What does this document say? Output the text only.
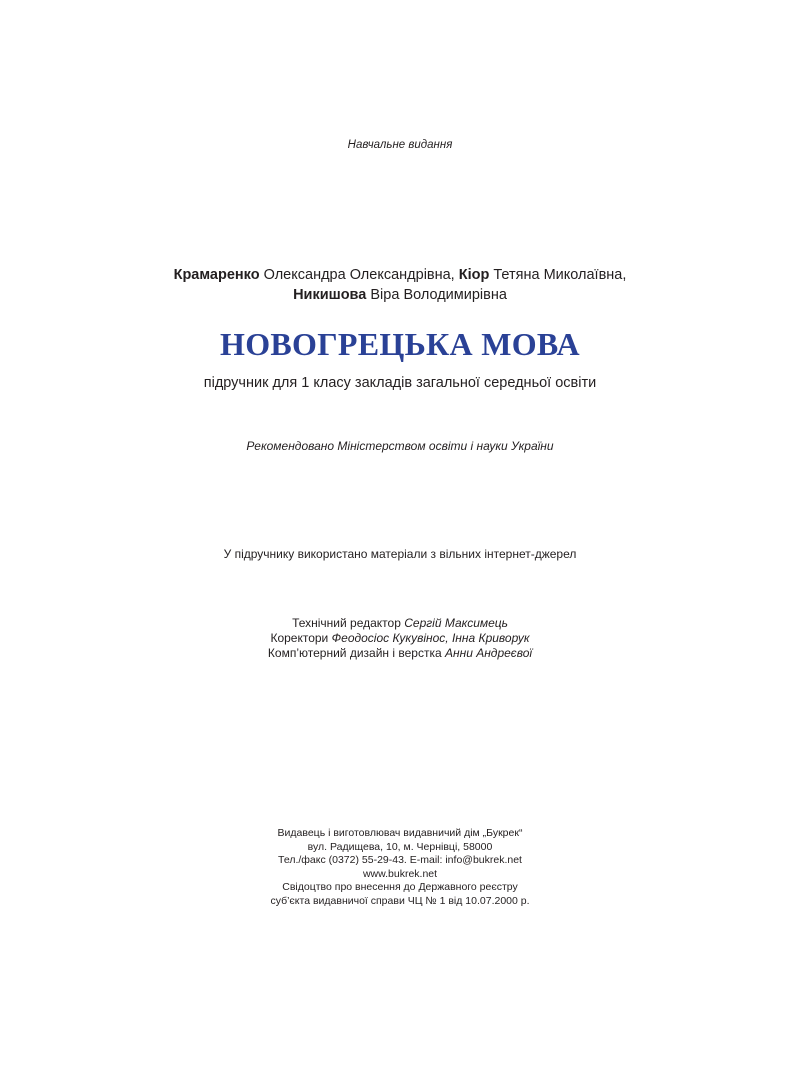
Навчальне видання

Крамаренко Олександра Олександрівна, Кіор Тетяна Миколаївна,

Никишова Віра Володимирівна

НОВОГРЕЦЬКА МОВА

підручник для 1 класу закладів загальної середньої освіти

Рекомендовано Міністерством освіти і науки України

У підручнику використано матеріали з вільних інтернет-джерел

Технічний редактор Сергій Максимець
Коректори Феодосіос Кукувінос, Інна Криворук
Комп’ютерний дизайн і верстка Анни Андреєвої
Видавець і виготовлювач видавничий дім „Букрек“
вул. Радищева, 10, м. Чернівці, 58000
Тел./факс (0372) 55-29-43. E-mail: info@bukrek.net
www.bukrek.net
Свідоцтво про внесення до Державного реєстру
суб’єкта видавничої справи ЧЦ № 1 від 10.07.2000 р.
